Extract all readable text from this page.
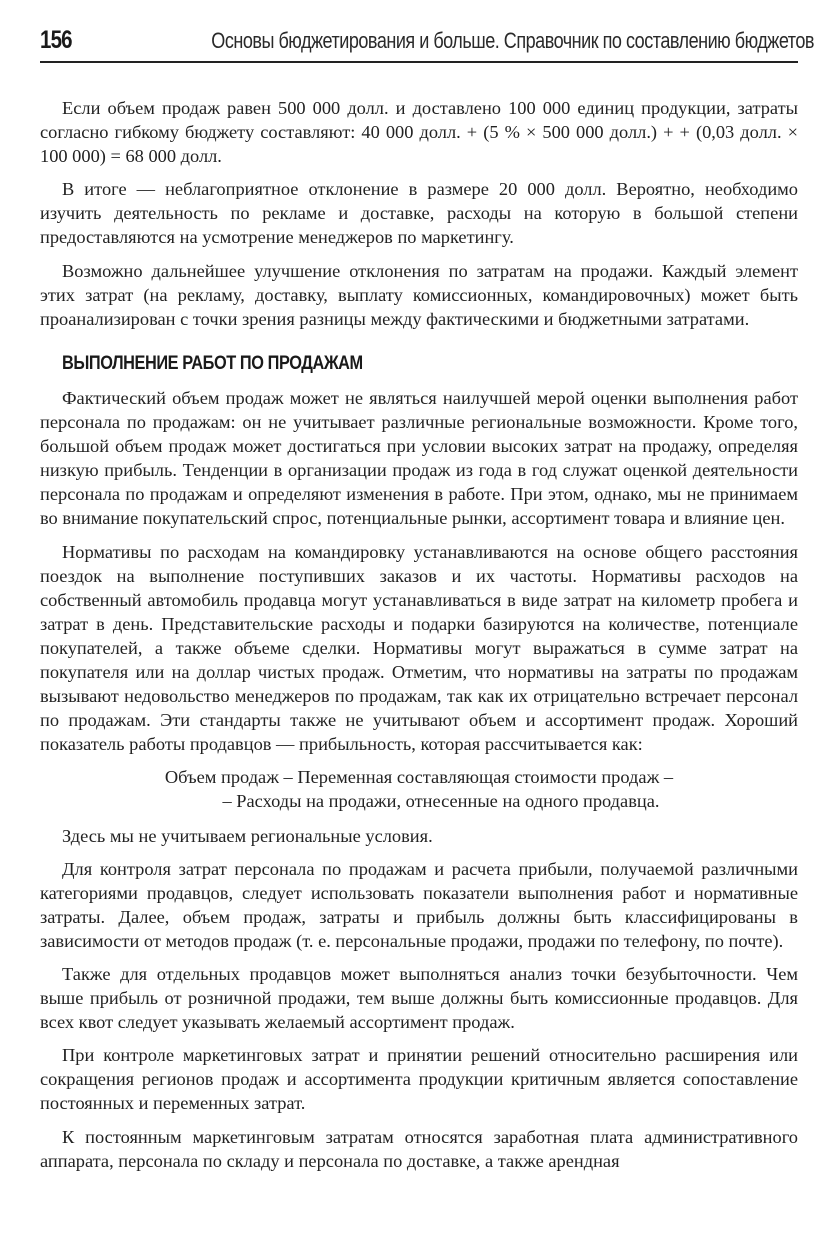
156	Основы бюджетирования и больше. Справочник по составлению бюджетов

Если объем продаж равен 500 000 долл. и доставлено 100 000 единиц продукции, затраты согласно гибкому бюджету составляют: 40 000 долл. + (5 % × 500 000 долл.) + + (0,03 долл. × 100 000) = 68 000 долл.

В итоге — неблагоприятное отклонение в размере 20 000 долл. Вероятно, необходимо изучить деятельность по рекламе и доставке, расходы на которую в большой степени предоставляются на усмотрение менеджеров по маркетингу.

Возможно дальнейшее улучшение отклонения по затратам на продажи. Каждый элемент этих затрат (на рекламу, доставку, выплату комиссионных, командировочных) может быть проанализирован с точки зрения разницы между фактическими и бюджетными затратами.

ВЫПОЛНЕНИЕ РАБОТ ПО ПРОДАЖАМ

Фактический объем продаж может не являться наилучшей мерой оценки выполнения работ персонала по продажам: он не учитывает различные региональные возможности. Кроме того, большой объем продаж может достигаться при условии высоких затрат на продажу, определяя низкую прибыль. Тенденции в организации продаж из года в год служат оценкой деятельности персонала по продажам и определяют изменения в работе. При этом, однако, мы не принимаем во внимание покупательский спрос, потенциальные рынки, ассортимент товара и влияние цен.

Нормативы по расходам на командировку устанавливаются на основе общего расстояния поездок на выполнение поступивших заказов и их частоты. Нормативы расходов на собственный автомобиль продавца могут устанавливаться в виде затрат на километр пробега и затрат в день. Представительские расходы и подарки базируются на количестве, потенциале покупателей, а также объеме сделки. Нормативы могут выражаться в сумме затрат на покупателя или на доллар чистых продаж. Отметим, что нормативы на затраты по продажам вызывают недовольство менеджеров по продажам, так как их отрицательно встречает персонал по продажам. Эти стандарты также не учитывают объем и ассортимент продаж. Хороший показатель работы продавцов — прибыльность, которая рассчитывается как:

Объем продаж – Переменная составляющая стоимости продаж –
– Расходы на продажи, отнесенные на одного продавца.

Здесь мы не учитываем региональные условия.

Для контроля затрат персонала по продажам и расчета прибыли, получаемой различными категориями продавцов, следует использовать показатели выполнения работ и нормативные затраты. Далее, объем продаж, затраты и прибыль должны быть классифицированы в зависимости от методов продаж (т. е. персональные продажи, продажи по телефону, по почте).

Также для отдельных продавцов может выполняться анализ точки безубыточности. Чем выше прибыль от розничной продажи, тем выше должны быть комиссионные продавцов. Для всех квот следует указывать желаемый ассортимент продаж.

При контроле маркетинговых затрат и принятии решений относительно расширения или сокращения регионов продаж и ассортимента продукции критичным является сопоставление постоянных и переменных затрат.

К постоянным маркетинговым затратам относятся заработная плата административного аппарата, персонала по складу и персонала по доставке, а также арендная
